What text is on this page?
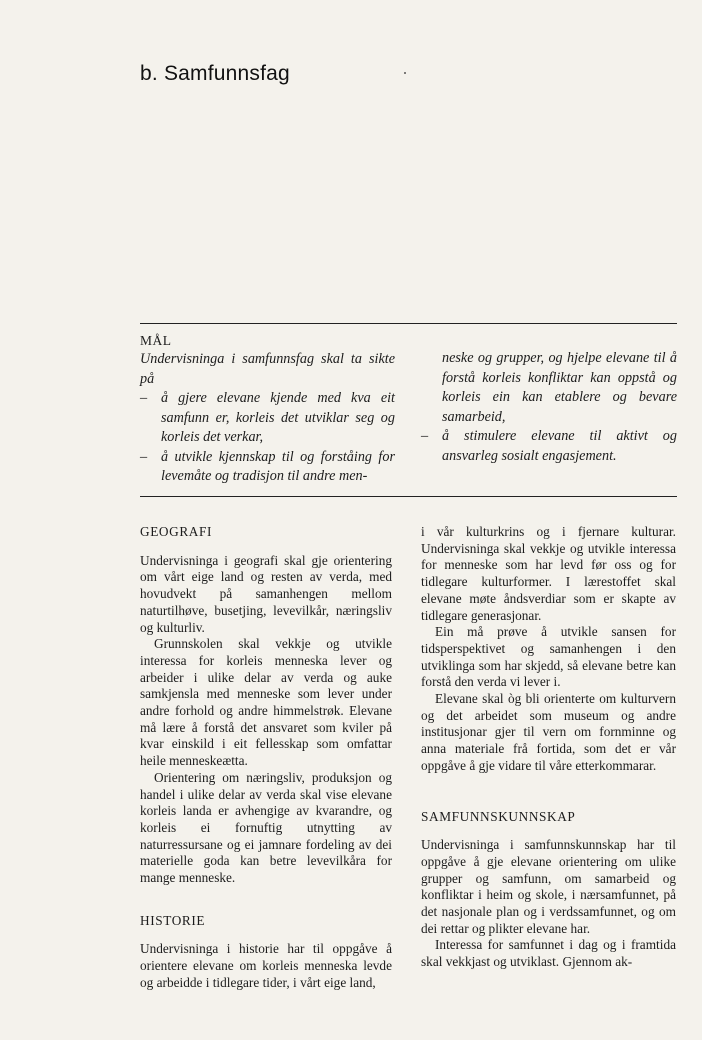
b. Samfunnsfag
MÅL

Undervisninga i samfunnsfag skal ta sikte på

– å gjere elevane kjende med kva eit samfunn er, korleis det utviklar seg og korleis det verkar,

– å utvikle kjennskap til og forståing for levemåte og tradisjon til andre men-

neske og grupper, og hjelpe elevane til å forstå korleis konfliktar kan oppstå og korleis ein kan etablere og bevare samarbeid,

– å stimulere elevane til aktivt og ansvarleg sosialt engasjement.

GEOGRAFI

Undervisninga i geografi skal gje orientering om vårt eige land og resten av verda, med hovudvekt på samanhengen mellom naturtilhøve, busetjing, levevilkår, næringsliv og kulturliv.

Grunnskolen skal vekkje og utvikle interessa for korleis menneska lever og arbeider i ulike delar av verda og auke samkjensla med menneske som lever under andre forhold og andre himmelstrøk. Elevane må lære å forstå det ansvaret som kviler på kvar einskild i eit fellesskap som omfattar heile menneskeætta.

Orientering om næringsliv, produksjon og handel i ulike delar av verda skal vise elevane korleis landa er avhengige av kvarandre, og korleis ei fornuftig utnytting av naturressursane og ei jamnare fordeling av dei materielle goda kan betre levevilkåra for mange menneske.

HISTORIE

Undervisninga i historie har til oppgåve å orientere elevane om korleis menneska levde og arbeidde i tidlegare tider, i vårt eige land,

i vår kulturkrins og i fjernare kulturar. Undervisninga skal vekkje og utvikle interessa for menneske som har levd før oss og for tidlegare kulturformer. I lærestoffet skal elevane møte åndsverdiar som er skapte av tidlegare generasjonar.

Ein må prøve å utvikle sansen for tidsperspektivet og samanhengen i den utviklinga som har skjedd, så elevane betre kan forstå den verda vi lever i.

Elevane skal òg bli orienterte om kulturvern og det arbeidet som museum og andre institusjonar gjer til vern om fornminne og anna materiale frå fortida, som det er vår oppgåve å gje vidare til våre etterkommarar.

SAMFUNNSKUNNSKAP

Undervisninga i samfunnskunnskap har til oppgåve å gje elevane orientering om ulike grupper og samfunn, om samarbeid og konfliktar i heim og skole, i nærsamfunnet, på det nasjonale plan og i verdssamfunnet, og om dei rettar og plikter elevane har.

Interessa for samfunnet i dag og i framtida skal vekkjast og utviklast. Gjennom ak-
